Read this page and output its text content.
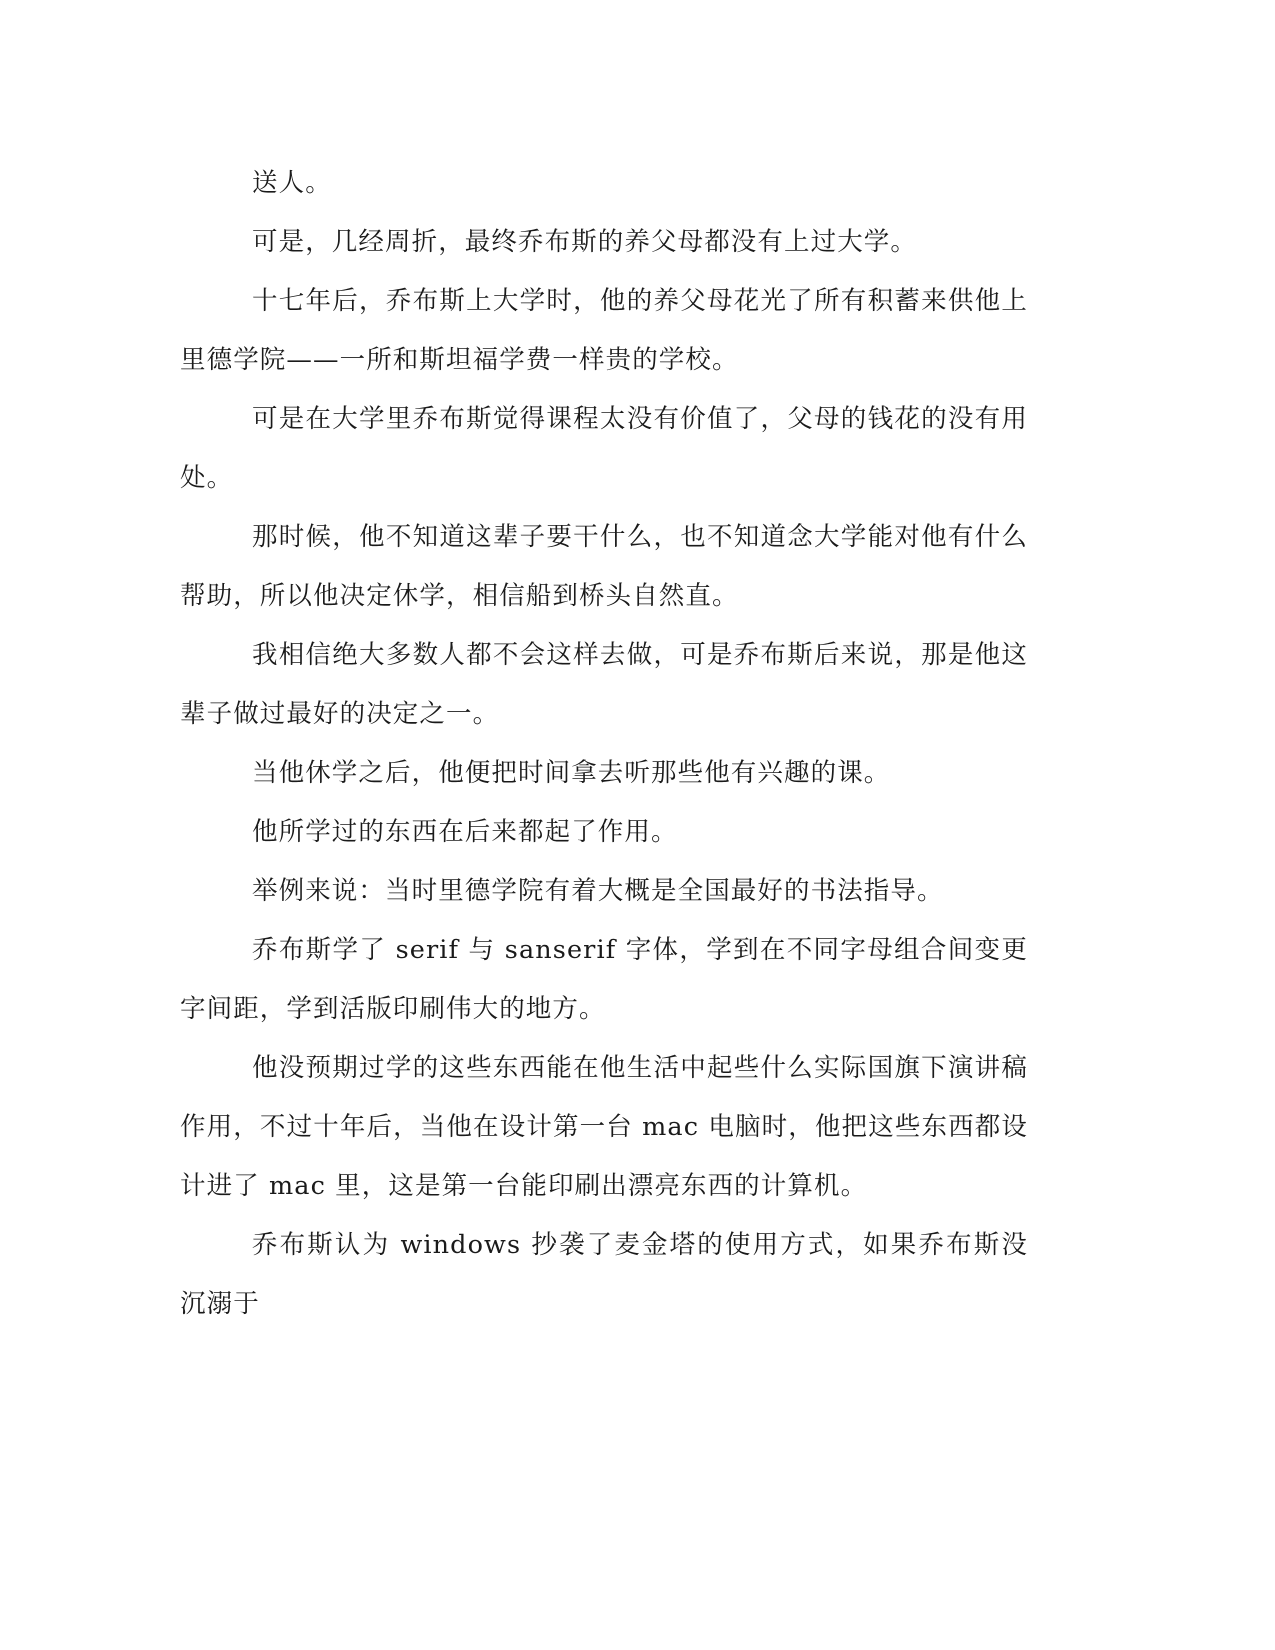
送人。

可是，几经周折，最终乔布斯的养父母都没有上过大学。

十七年后，乔布斯上大学时，他的养父母花光了所有积蓄来供他上里德学院——一所和斯坦福学费一样贵的学校。

可是在大学里乔布斯觉得课程太没有价值了，父母的钱花的没有用处。

那时候，他不知道这辈子要干什么，也不知道念大学能对他有什么帮助，所以他决定休学，相信船到桥头自然直。

我相信绝大多数人都不会这样去做，可是乔布斯后来说，那是他这辈子做过最好的决定之一。

当他休学之后，他便把时间拿去听那些他有兴趣的课。

他所学过的东西在后来都起了作用。

举例来说：当时里德学院有着大概是全国最好的书法指导。

乔布斯学了 serif 与 sanserif 字体，学到在不同字母组合间变更字间距，学到活版印刷伟大的地方。

他没预期过学的这些东西能在他生活中起些什么实际国旗下演讲稿 作用，不过十年后，当他在设计第一台 mac 电脑时，他把这些东西都设计进了 mac 里，这是第一台能印刷出漂亮东西的计算机。

乔布斯认为 windows 抄袭了麦金塔的使用方式，如果乔布斯没沉溺于
